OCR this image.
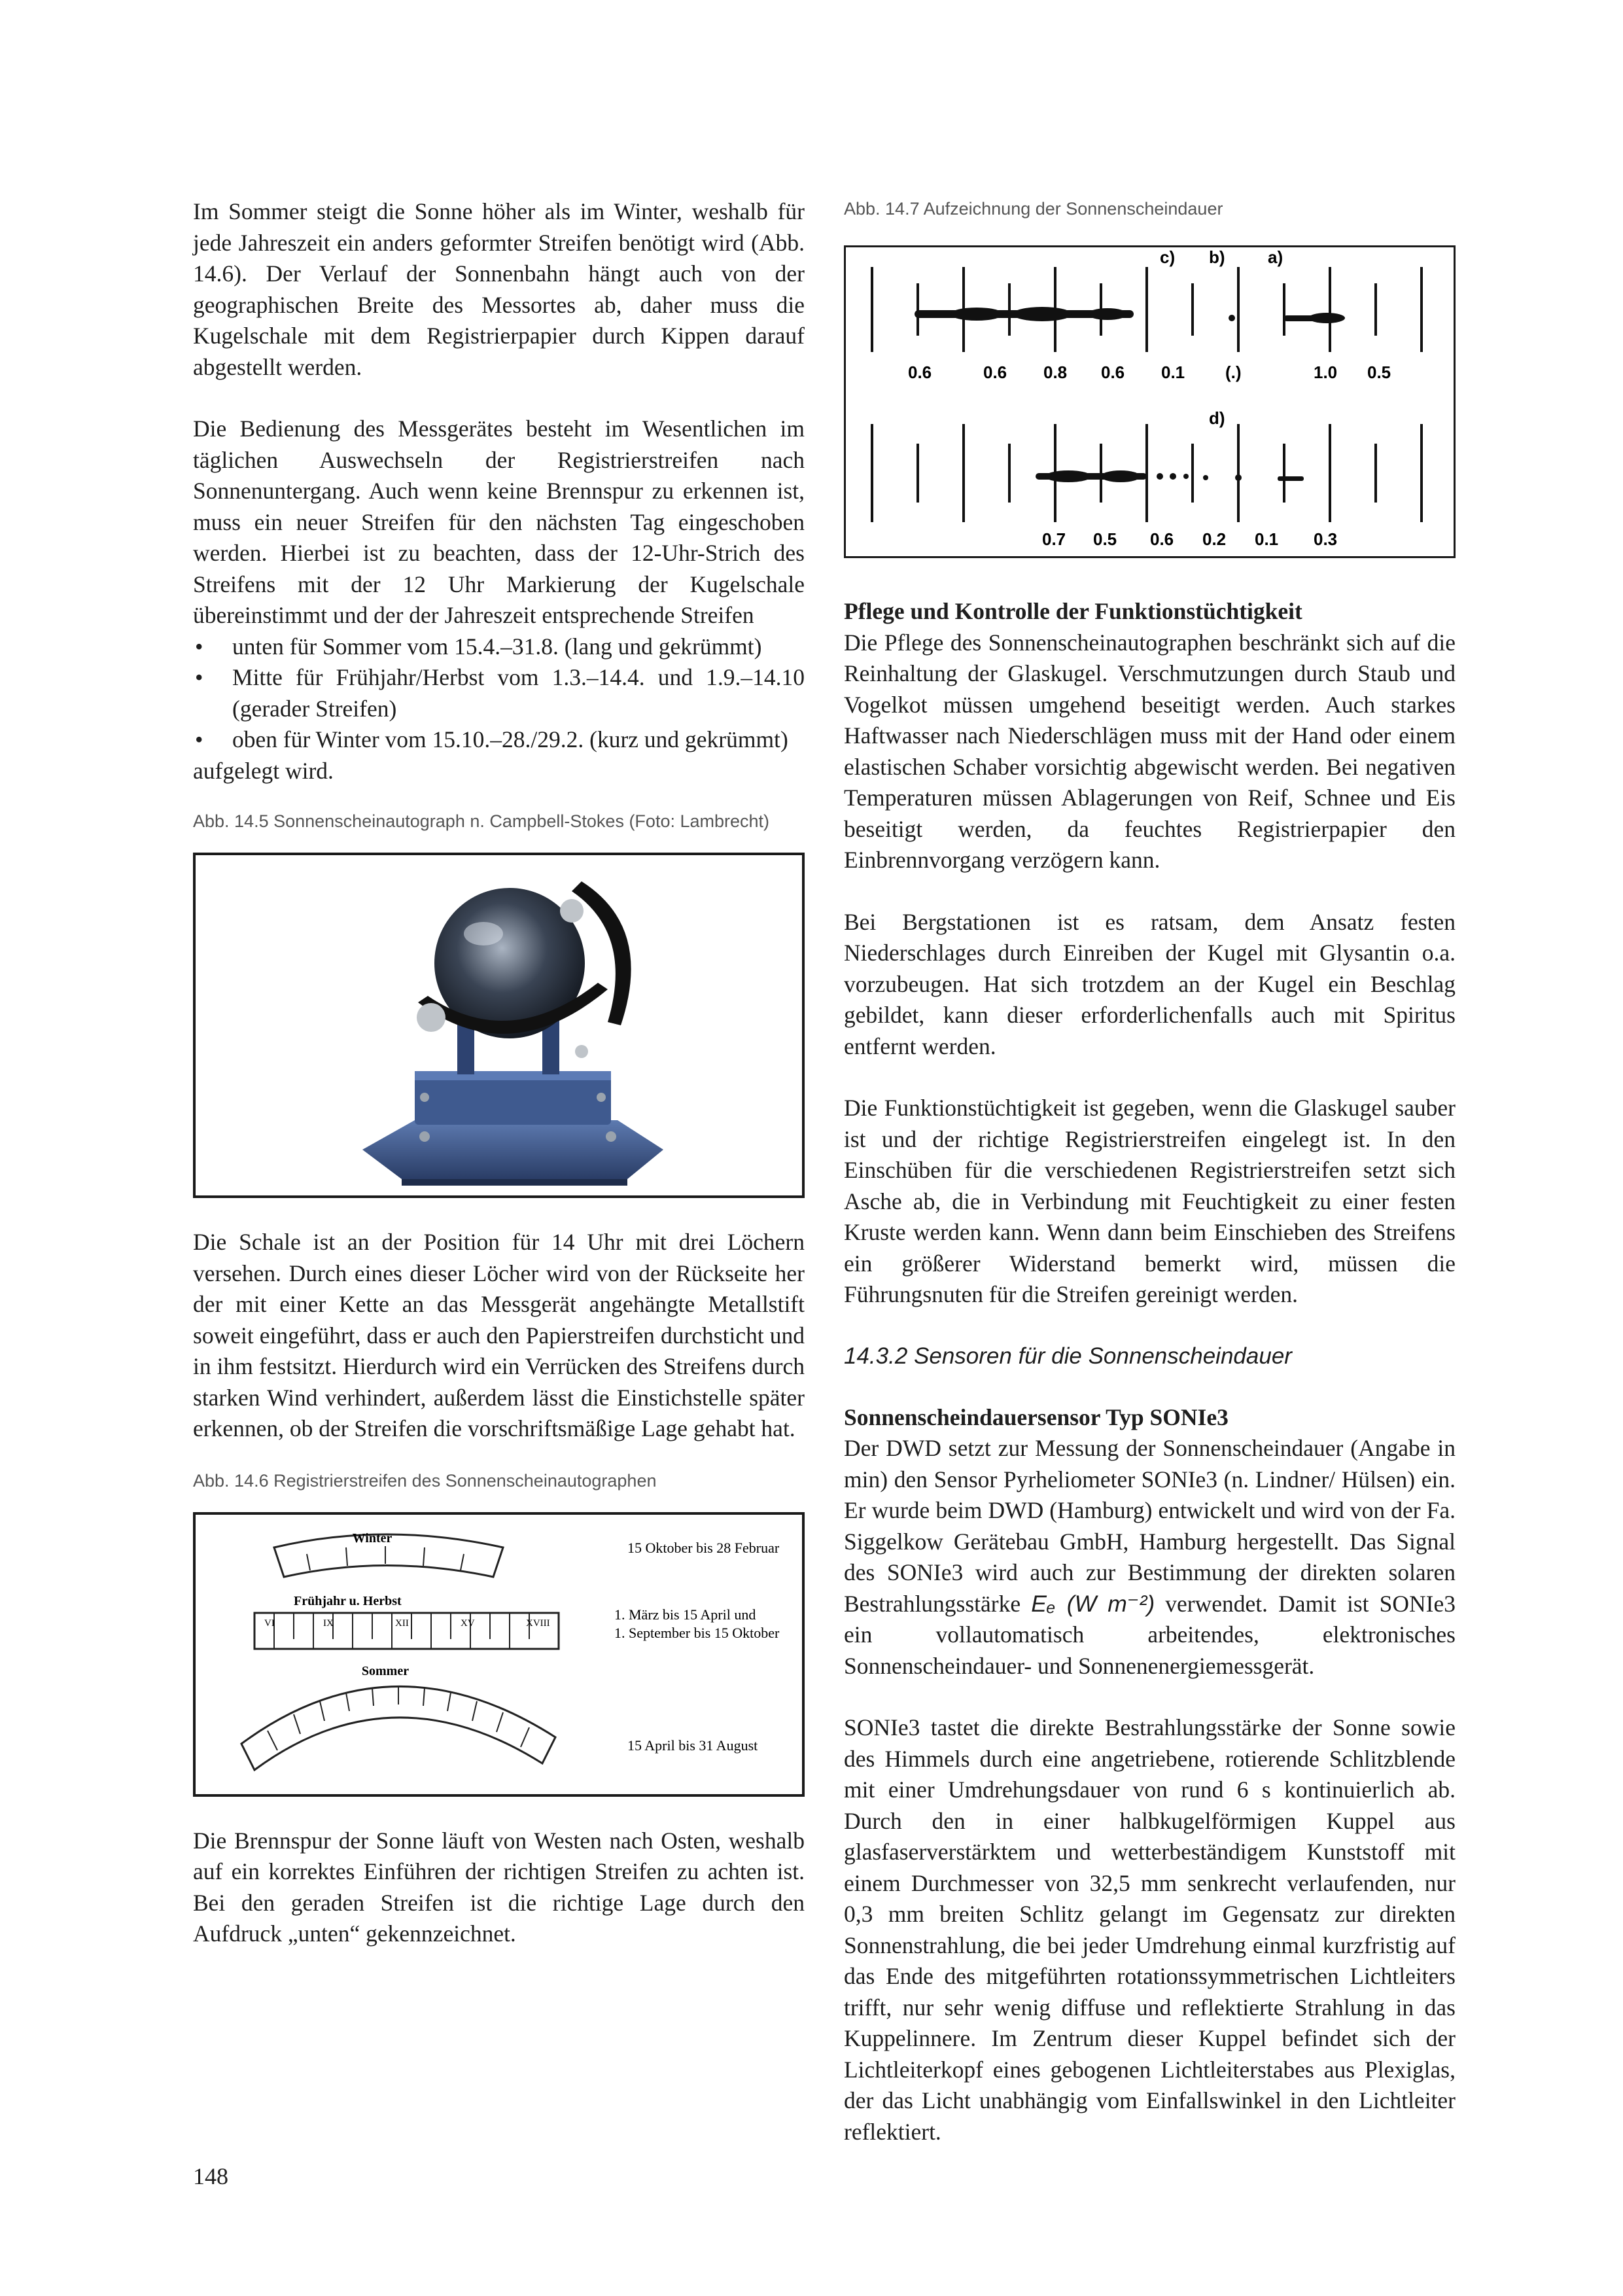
Im Sommer steigt die Sonne höher als im Winter, weshalb für jede Jahreszeit ein anders geformter Streifen benötigt wird (Abb. 14.6). Der Verlauf der Sonnenbahn hängt auch von der geographischen Breite des Messortes ab, daher muss die Kugelschale mit dem Registrierpapier durch Kippen darauf abgestellt werden.

Die Bedienung des Messgerätes besteht im Wesentlichen im täglichen Auswechseln der Registrierstreifen nach Sonnenuntergang. Auch wenn keine Brennspur zu erkennen ist, muss ein neuer Streifen für den nächsten Tag eingeschoben werden. Hierbei ist zu beachten, dass der 12-Uhr-Strich des Streifens mit der 12 Uhr Markierung der Kugelschale übereinstimmt und der der Jahreszeit entsprechende Streifen

• unten für Sommer vom 15.4.–31.8. (lang und gekrümmt)
• Mitte für Frühjahr/Herbst vom 1.3.–14.4. und 1.9.–14.10 (gerader Streifen)
• oben für Winter vom 15.10.–28./29.2. (kurz und gekrümmt)

aufgelegt wird.

Abb. 14.5 Sonnenscheinautograph n. Campbell-Stokes (Foto: Lambrecht)

Die Schale ist an der Position für 14 Uhr mit drei Löchern versehen. Durch eines dieser Löcher wird von der Rückseite her der mit einer Kette an das Messgerät angehängte Metallstift soweit eingeführt, dass er auch den Papierstreifen durchsticht und in ihm festsitzt. Hierdurch wird ein Verrücken des Streifens durch starken Wind verhindert, außerdem lässt die Einstichstelle später erkennen, ob der Streifen die vorschriftsmäßige Lage gehabt hat.

Abb. 14.6 Registrierstreifen des Sonnenscheinautographen

Winter
15 Oktober bis 28 Februar
Frühjahr u. Herbst
VI	IX	XII	XV	XVIII
1. März bis 15 April und
1. September bis 15 Oktober
Sommer
15 April bis 31 August

Die Brennspur der Sonne läuft von Westen nach Osten, weshalb auf ein korrektes Einführen der richtigen Streifen zu achten ist. Bei den geraden Streifen ist die richtige Lage durch den Aufdruck „unten“ gekennzeichnet.

Abb. 14.7 Aufzeichnung der Sonnenscheindauer

c) b)	a)
0.6	0.6 0.8 0.6 0.1 (.)	1.0 0.5
d)
0.7 0.5 0.6 0.2 0.1 0.3

Pflege und Kontrolle der Funktionstüchtigkeit

Die Pflege des Sonnenscheinautographen beschränkt sich auf die Reinhaltung der Glaskugel. Verschmutzungen durch Staub und Vogelkot müssen umgehend beseitigt werden. Auch starkes Haftwasser nach Niederschlägen muss mit der Hand oder einem elastischen Schaber vorsichtig abgewischt werden. Bei negativen Temperaturen müssen Ablagerungen von Reif, Schnee und Eis beseitigt werden, da feuchtes Registrierpapier den Einbrennvorgang verzögern kann.

Bei Bergstationen ist es ratsam, dem Ansatz festen Niederschlages durch Einreiben der Kugel mit Glysantin o.a. vorzubeugen. Hat sich trotzdem an der Kugel ein Beschlag gebildet, kann dieser erforderlichenfalls auch mit Spiritus entfernt werden.

Die Funktionstüchtigkeit ist gegeben, wenn die Glaskugel sauber ist und der richtige Registrierstreifen eingelegt ist. In den Einschüben für die verschiedenen Registrierstreifen setzt sich Asche ab, die in Verbindung mit Feuchtigkeit zu einer festen Kruste werden kann. Wenn dann beim Einschieben des Streifens ein größerer Widerstand bemerkt wird, müssen die Führungsnuten für die Streifen gereinigt werden.

14.3.2 Sensoren für die Sonnenscheindauer

Sonnenscheindauersensor Typ SONIe3

Der DWD setzt zur Messung der Sonnenscheindauer (Angabe in min) den Sensor Pyrheliometer SONIe3 (n. Lindner/ Hülsen) ein. Er wurde beim DWD (Hamburg) entwickelt und wird von der Fa. Siggelkow Gerätebau GmbH, Hamburg hergestellt. Das Signal des SONIe3 wird auch zur Bestimmung der direkten solaren Bestrahlungsstärke Eₑ (W m⁻²) verwendet. Damit ist SONIe3 ein vollautomatisch arbeitendes, elektronisches Sonnenscheindauer- und Sonnenenergiemessgerät.

SONIe3 tastet die direkte Bestrahlungsstärke der Sonne sowie des Himmels durch eine angetriebene, rotierende Schlitzblende mit einer Umdrehungsdauer von rund 6 s kontinuierlich ab. Durch den in einer halbkugelförmigen Kuppel aus glasfaserverstärktem und wetterbeständigem Kunststoff mit einem Durchmesser von 32,5 mm senkrecht verlaufenden, nur 0,3 mm breiten Schlitz gelangt im Gegensatz zur direkten Sonnenstrahlung, die bei jeder Umdrehung einmal kurzfristig auf das Ende des mitgeführten rotationssymmetrischen Lichtleiters trifft, nur sehr wenig diffuse und reflektierte Strahlung in das Kuppelinnere. Im Zentrum dieser Kuppel befindet sich der Lichtleiterkopf eines gebogenen Lichtleiterstabes aus Plexiglas, der das Licht unabhängig vom Einfallswinkel in den Lichtleiter reflektiert.

148
